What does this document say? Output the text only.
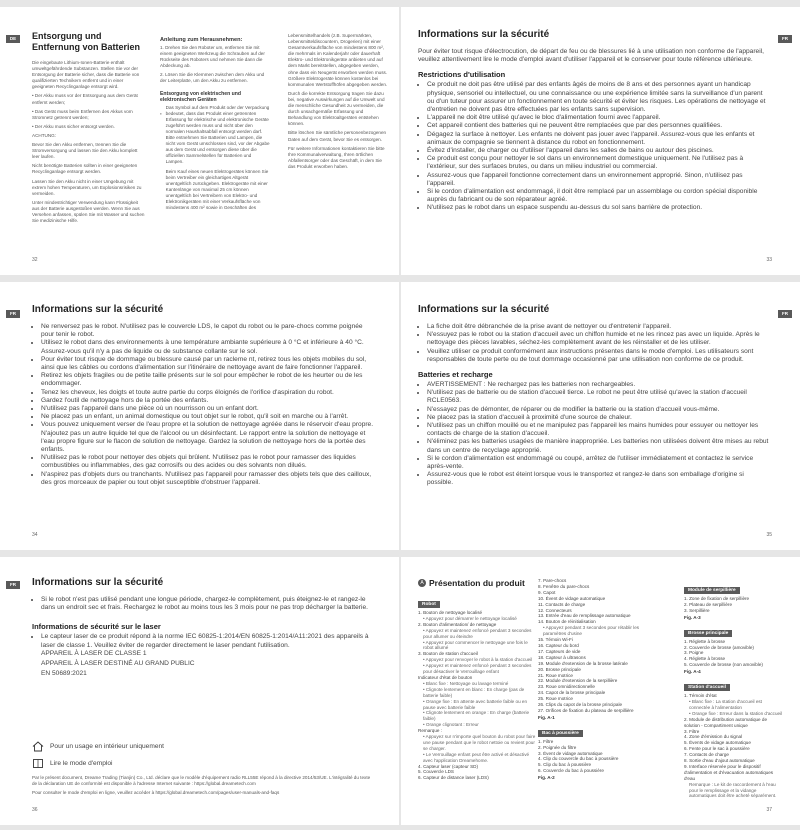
DE	Entsorgung und Entfernung von Batterien
Die eingebaute Lithium-Ionen-Batterie enthält umweltgefährdende Substanzen. Stellen Sie vor der Entsorgung der Batterie sicher, dass die Batterie von qualifizierten Technikern entfernt und in einer geeigneten Recyclinganlage entsorgt wird.
• Der Akku muss vor der Entsorgung aus dem Gerät entfernt werden;
• Das Gerät muss beim Entfernen des Akkus vom Stromnetz getrennt werden;
• Der Akku muss sicher entsorgt werden.
ACHTUNG:
Bevor Sie den Akku entfernen, trennen Sie die Stromversorgung und lassen Sie den Akku komplett leer laufen.
Nicht benötigte Batterien sollten in einer geeigneten Recyclinganlage entsorgt werden.
Lassen Sie den Akku nicht in einer Umgebung mit extrem hohen Temperaturen, um Explosionsrisiken zu vermeiden.
Unter mindestrichtiger Verwendung kann Flüssigkeit aus der Batterie ausgestoßen werden. Wenn Sie aus Versehen anfassen, spülen Sie mit Wasser und suchen Sie medizinische Hilfe.
Anleitung zum Herausnehmen:
1. Drehen Sie den Roboter um, entfernen Sie mit einem geeigneten Werkzeug die Schrauben auf der Rückseite des Roboters und nehmen Sie dann die Abdeckung ab.
2. Lösen Sie die Klemmen zwischen dem Akku und der Leiterplatte, um den Akku zu entfernen.
Entsorgung von elektrischen und elektronischen Geräten
Das Symbol auf dem Produkt oder der Verpackung bedeutet, dass das Produkt einer getrennten Erfassung für elektrische und elektronische Geräte zugeführt werden muss und nicht über den normalen Haushaltsabfall entsorgt werden darf. Bitte entnehmen Sie Batterien und Lampen, die nicht vom Gerät umschlossen sind, vor der Abgabe aus dem Gerät und entsorgen diese über die offiziellen Sammelstellen für Batterien und Lampen.
Beim Kauf eines neuen Elektrogerätes können Sie beim Vertreiber ein gleichartiges Altgerät unentgeltlich zurückgeben. Elektrogeräte mit einer Kantenlänge von maximal 25 cm können unentgeltlich bei Vertreibern von Elektro- und Elektronikgeräten mit einer Verkaufsfläche von mindestens 400 m² sowie in Geschäften des
Lebensmittelhandels (z.B. Supermärkten, Lebensmitteldiscountern, Drogerien) mit einer Gesamtverkaufsfläche von mindestens 800 m², die mehrmals im Kalenderjahr oder dauerhaft Elektro- und Elektronikgeräte anbieten und auf dem Markt bereitstellen, abgegeben werden, ohne dass ein Neugerät erworben werden muss. Größere Elektrogeräte können kostenlos bei kommunalen Wertstoffhöfen abgegeben werden.
Durch die korrekte Entsorgung tragen Sie dazu bei, negative Auswirkungen auf die Umwelt und die menschliche Gesundheit zu vermeiden, die durch unsachgemäße Erfassung und Behandlung von Elektroaltgeräten entstehen können.
Bitte löschen Sie sämtliche personenbezogenen Daten auf dem Gerät, bevor Sie es entsorgen.
Für weitere Informationen kontaktieren Sie bitte Ihre Kommunalverwaltung, Ihren örtlichen Abfallentsorger oder das Geschäft, in dem Sie das Produkt erworben haben.
32
FR
Informations sur la sécurité
Pour éviter tout risque d'électrocution, de départ de feu ou de blessures lié à une utilisation non conforme de l'appareil, veuillez attentivement lire le mode d'emploi avant d'utiliser l'appareil et le conserver pour toute référence ultérieure.
Restrictions d'utilisation
• Ce produit ne doit pas être utilisé par des enfants âgés de moins de 8 ans et des personnes ayant un handicap physique, sensoriel ou intellectuel, ou une connaissance ou une expérience limitée sans la surveillance d'un parent ou d'un tuteur pour assurer un fonctionnement en toute sécurité et éviter les risques. Les opérations de nettoyage et d'entretien ne doivent pas être effectuées par les enfants sans supervision.
• L'appareil ne doit être utilisé qu'avec le bloc d'alimentation fourni avec l'appareil.
• Cet appareil contient des batteries qui ne peuvent être remplacées que par des personnes qualifiées.
• Dégagez la surface à nettoyer. Les enfants ne doivent pas jouer avec l'appareil. Assurez-vous que les enfants et animaux de compagnie se tiennent à distance du robot en fonctionnement.
• Évitez d'installer, de charger ou d'utiliser l'appareil dans les salles de bains ou autour des piscines.
• Ce produit est conçu pour nettoyer le sol dans un environnement domestique uniquement. Ne l'utilisez pas à l'extérieur, sur des surfaces brutes, ou dans un milieu industriel ou commercial.
• Assurez-vous que l'appareil fonctionne correctement dans un environnement approprié. Sinon, n'utilisez pas l'appareil.
• Si le cordon d'alimentation est endommagé, il doit être remplacé par un assemblage ou cordon spécial disponible auprès du fabricant ou de son réparateur agréé.
• N'utilisez pas le robot dans un espace suspendu au-dessus du sol sans barrière de protection.
33
FR	Informations sur la sécurité
• Ne renversez pas le robot. N'utilisez pas le couvercle LDS, le capot du robot ou le pare-chocs comme poignée pour tenir le robot.
• Utilisez le robot dans des environnements à une température ambiante supérieure à 0 °C et inférieure à 40 °C. Assurez-vous qu'il n'y a pas de liquide ou de substance collante sur le sol.
• Pour éviter tout risque de dommage ou blessure causé par un racleme nt, retirez tous les objets mobiles du sol, ainsi que les câbles ou cordons d'alimentation sur l'itinéraire de nettoyage avant de faire fonctionner l'appareil.
• Retirez les objets fragiles ou de petite taille présents sur le sol pour empêcher le robot de les heurter ou de les endommager.
• Tenez les cheveux, les doigts et toute autre partie du corps éloignés de l'orifice d'aspiration du robot.
• Gardez l'outil de nettoyage hors de la portée des enfants.
• N'utilisez pas l'appareil dans une pièce où un nourrisson ou un enfant dort.
• Ne placez pas un enfant, un animal domestique ou tout objet sur le robot, qu'il soit en marche ou à l'arrêt.
• Vous pouvez uniquement verser de l'eau propre et la solution de nettoyage agréée dans le réservoir d'eau propre. N'ajoutez pas un autre liquide tel que de l'alcool ou un désinfectant. Le rapport entre la solution de nettoyage et l'eau propre figure sur le flacon de solution de nettoyage. Gardez la solution de nettoyage hors de la portée des enfants.
• N'utilisez pas le robot pour nettoyer des objets qui brûlent. N'utilisez pas le robot pour ramasser des liquides combustibles ou inflammables, des gaz corrosifs ou des acides ou des solvants non dilués.
• N'aspirez pas d'objets durs ou tranchants. N'utilisez pas l'appareil pour ramasser des objets tels que des cailloux, des gros morceaux de papier ou tout objet susceptible d'obstruer l'appareil.
34
FR
Informations sur la sécurité
• La fiche doit être débranchée de la prise avant de nettoyer ou d'entretenir l'appareil.
• N'essuyez pas le robot ou la station d'accueil avec un chiffon humide et ne les rincez pas avec un liquide. Après le nettoyage des pièces lavables, séchez-les complètement avant de les réinstaller et de les utiliser.
• Veuillez utiliser ce produit conformément aux instructions présentes dans le mode d'emploi. Les utilisateurs sont responsables de toute perte ou de tout dommage occasionné par une utilisation non conforme de ce produit.
Batteries et recharge
• AVERTISSEMENT : Ne rechargez pas les batteries non rechargeables.
• N'utilisez pas de batterie ou de station d'accueil tierce. Le robot ne peut être utilisé qu'avec la station d'accueil RCLE0563.
• N'essayez pas de démonter, de réparer ou de modifier la batterie ou la station d'accueil vous-même.
• Ne placez pas la station d'accueil à proximité d'une source de chaleur.
• N'utilisez pas un chiffon mouillé ou et ne manipulez pas l'appareil les mains humides pour essuyer ou nettoyer les contacts de charge de la station d'accueil.
• N'éliminez pas les batteries usagées de manière inappropriée. Les batteries non utilisées doivent être mises au rebut dans un centre de recyclage approprié.
• Si le cordon d'alimentation est endommagé ou coupé, arrêtez de l'utiliser immédiatement et contactez le service après-vente.
• Assurez-vous que le robot est éteint lorsque vous le transportez et rangez-le dans son emballage d'origine si possible.
35
FR	Informations sur la sécurité
• Si le robot n'est pas utilisé pendant une longue période, chargez-le complètement, puis éteignez-le et rangez-le dans un endroit sec et frais. Rechargez le robot au moins tous les 3 mois pour ne pas trop décharger la batterie.
Informations de sécurité sur le laser
• Le capteur laser de ce produit répond à la norme IEC 60825-1:2014/EN 60825-1:2014/A11:2021 des appareils à laser de classe 1. Veuillez éviter de regarder directement le laser pendant l'utilisation.
APPAREIL À LASER DE CLASSE 1
APPAREIL À LASER DESTINÉ AU GRAND PUBLIC
EN 50689:2021
Pour un usage en intérieur uniquement
Lire le mode d'emploi
Par le présent document, Dreame Trading (Tianjin) Co., Ltd. déclare que le modèle d'équipement radio RLL55E répond à la directive 2014/53/UE. L'intégralité du texte de la déclaration UE de conformité est disponible à l'adresse Internet suivante : https://global.dreametech.com
Pour consulter le mode d'emploi en ligne, veuillez accéder à https://global.dreametech.com/pages/user-manuals-and-faqs
36
A Présentation du produit
Robot
1. Bouton de nettoyage localisé
• Appuyez pour démarrer le nettoyage localisé
2. Bouton d'alimentation/ de nettoyage
• Appuyez et maintenez enfoncé pendant 3 secondes pour allumer ou éteindre
• Appuyez pour commencer le nettoyage une fois le robot allumé
3. Bouton de station d'accueil
• Appuyez pour renvoyer le robot à la station d'accueil
• Appuyez et maintenez enfoncé pendant 3 secondes pour désactiver le Verrouillage enfant
Indicateur d'état de bouton
• Blanc fixe : Nettoyage ou lavage terminé
• Clignote lentement en blanc : En charge (pas de batterie faible)
• Orange fixe : En attente avec batterie faible ou en pause avec batterie faible
• Clignote lentement en orange : En charge (batterie faible)
• Orange clignotant : Erreur
Remarque :
• Appuyez sur n'importe quel bouton du robot pour faire une pause pendant que le robot nettoie ou revient pour se charger.
• Le Verrouillage enfant peut être activé et désactivé avec l'application Dreamehome.
4. Capteur laser (capteur SD)
5. Couvercle LDS
6. Capteur de distance laser (LDS)
7. Pare-chocs
8. Fenêtre du pare-chocs
9. Capot
10. Évent de vidage automatique
11. Contacts de charge
12. Connecteurs
13. Entrée d'eau de remplissage automatique
14. Bouton de réinitialisation
• Appuyez pendant 3 secondes pour rétablir les paramètres d'usine
15. Témoin Wi-Fi
16. Capteur du bord
17. Capteurs de vide
18. Capteur à ultrasons
19. Module d'extension de la brosse latérale
20. Brosse principale
21. Roue motrice
22. Module d'extension de la serpillière
23. Roue omnidirectionnelle
24. Capot de la brosse principale
25. Roue motrice
26. Clips du capot de la brosse principale
27. Orifices de fixation du plateau de serpillière
Fig. A-1
Bac à poussière
1. Filtre
2. Poignée du filtre
3. Évent de vidage automatique
4. Clip du couvercle du bac à poussière
5. Clip du bac à poussière
6. Couvercle du bac à poussière
Fig. A-2
Module de serpillière
1. Zone de fixation de serpillière
2. Plateau de serpillière
3. Serpillière
Fig. A-3
Brosse principale
1. Réglette à brosse
2. Couvercle de brosse (amovible)
3. Poigne
4. Réglette à brosse
5. Couvercle de brosse (non amovible)
Fig. A-4
Station d'accueil
1. Témoin d'état
• Blanc fixe : La station d'accueil est connectée à l'alimentation
• Orange fixe : Erreur dans la station d'accueil
2. Module de distribution automatique de solution - Compartiment unique
3. Filtre
4. Zone d'émission du signal
5. Évents de vidage automatique
6. Fente pour le sac à poussière
7. Contacts de charge
8. Sortie d'eau d'ajout automatique
9. Interface réservée pour le dispositif d'alimentation et d'évacuation automatiques d'eau
Remarque : Le kit de raccordement à l'eau pour le remplissage et la vidange automatiques doit être acheté séparément.
37
